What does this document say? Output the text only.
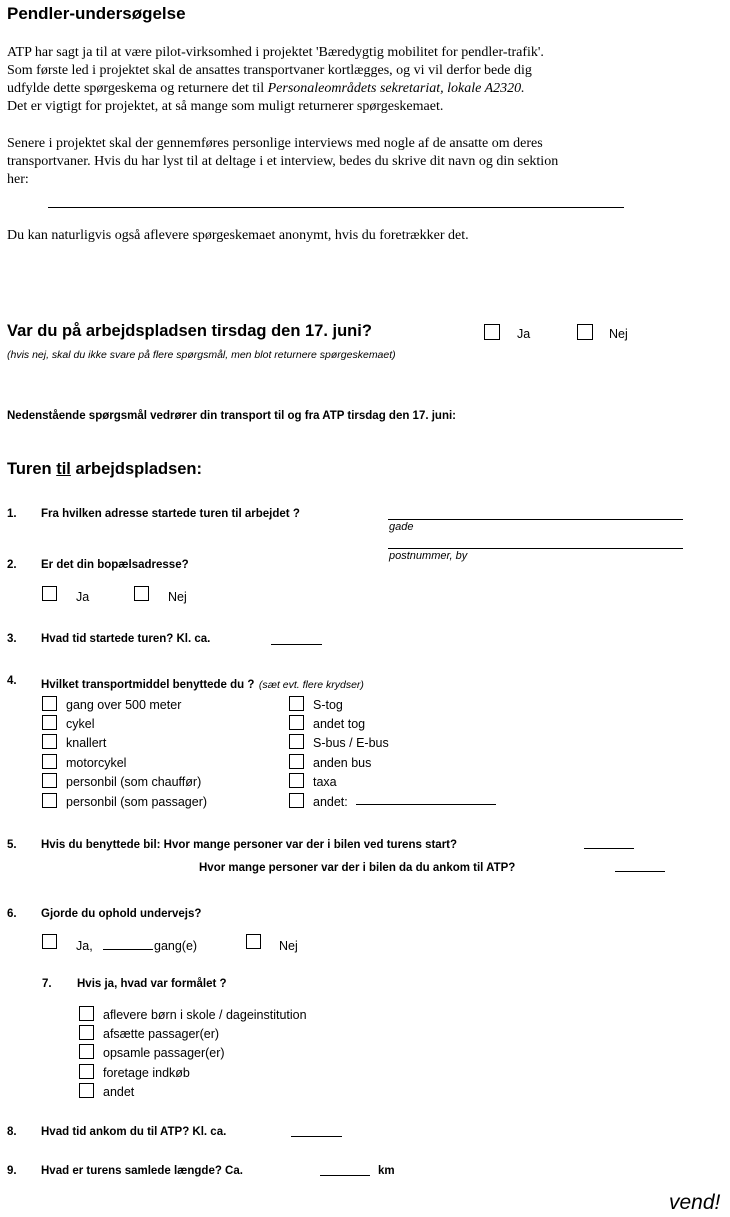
Pendler-undersøgelse
ATP har sagt ja til at være pilot-virksomhed i projektet 'Bæredygtig mobilitet for pendler-trafik'.
Som første led i projektet skal de ansattes transportvaner kortlægges, og vi vil derfor bede dig
udfylde dette spørgeskema og returnere det til Personaleområdets sekretariat, lokale A2320.
Det er vigtigt for projektet, at så mange som muligt returnerer spørgeskemaet.
Senere i projektet skal der gennemføres personlige interviews med nogle af de ansatte om deres
transportvaner. Hvis du har lyst til at deltage i et interview, bedes du skrive dit navn og din sektion
her:
Du kan naturligvis også aflevere spørgeskemaet anonymt, hvis du foretrækker det.
Var du på arbejdspladsen tirsdag den 17. juni?	Ja	Nej
(hvis nej, skal du ikke svare på flere spørgsmål, men blot returnere spørgeskemaet)
Nedenstående spørgsmål vedrører din transport til og fra ATP tirsdag den 17. juni:
Turen til arbejdspladsen:
1. Fra hvilken adresse startede turen til arbejdet ?
gade
postnummer, by
2. Er det din bopælsadresse?
Ja	Nej
3. Hvad tid startede turen? Kl. ca.
4. Hvilket transportmiddel benyttede du ? (sæt evt. flere krydser)
gang over 500 meter
cykel
knallert
motorcykel
personbil (som chauffør)
personbil (som passager)
S-tog
andet tog
S-bus / E-bus
anden bus
taxa
andet:
5. Hvis du benyttede bil: Hvor mange personer var der i bilen ved turens start?
Hvor mange personer var der i bilen da du ankom til ATP?
6. Gjorde du ophold undervejs?
Ja,	gang(e)	Nej
7. Hvis ja, hvad var formålet ?
aflevere børn i skole / dageinstitution
afsætte passager(er)
opsamle passager(er)
foretage indkøb
andet
8. Hvad tid ankom du til ATP? Kl. ca.
9. Hvad er turens samlede længde? Ca.	km
vend!
